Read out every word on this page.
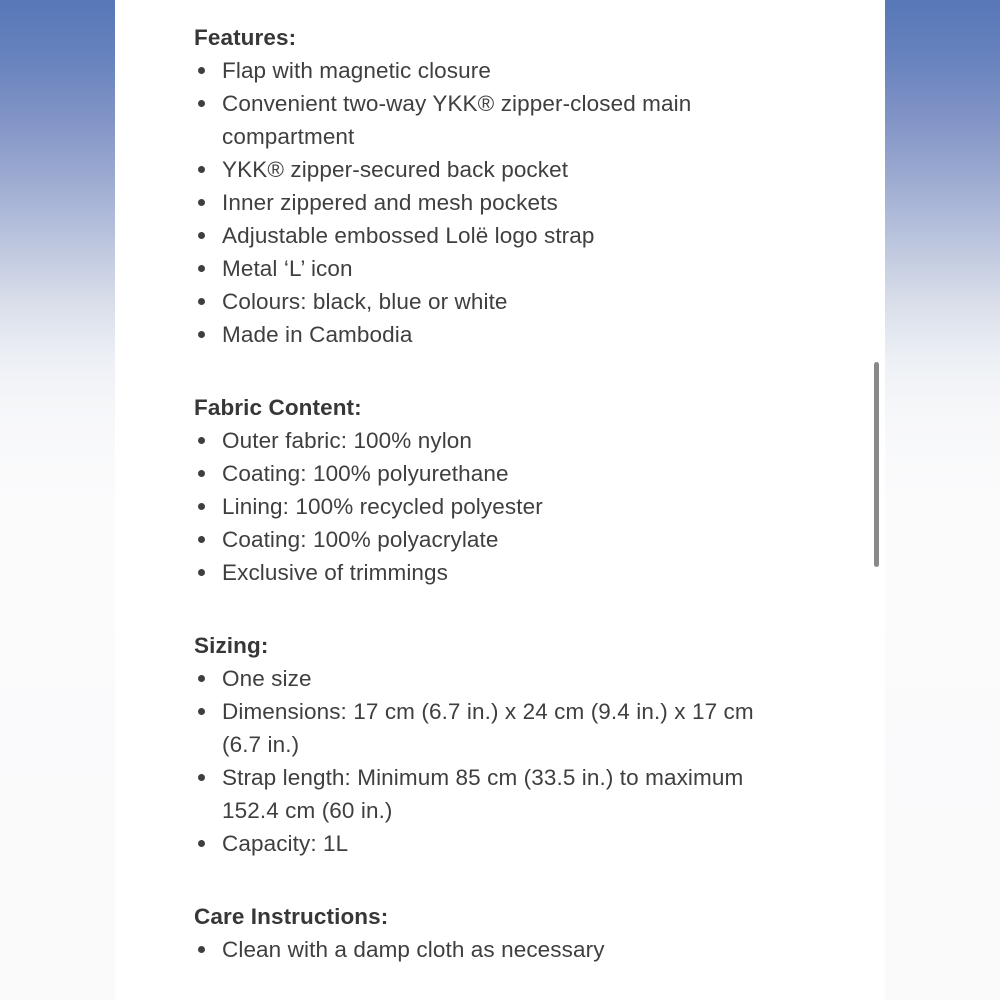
Features:
Flap with magnetic closure
Convenient two-way YKK® zipper-closed main compartment
YKK® zipper-secured back pocket
Inner zippered and mesh pockets
Adjustable embossed Lolë logo strap
Metal ‘L’ icon
Colours: black, blue or white
Made in Cambodia
Fabric Content:
Outer fabric: 100% nylon
Coating: 100% polyurethane
Lining: 100% recycled polyester
Coating: 100% polyacrylate
Exclusive of trimmings
Sizing:
One size
Dimensions: 17 cm (6.7 in.) x 24 cm (9.4 in.) x 17 cm (6.7 in.)
Strap length: Minimum 85 cm (33.5 in.) to maximum 152.4 cm (60 in.)
Capacity: 1L
Care Instructions:
Clean with a damp cloth as necessary
